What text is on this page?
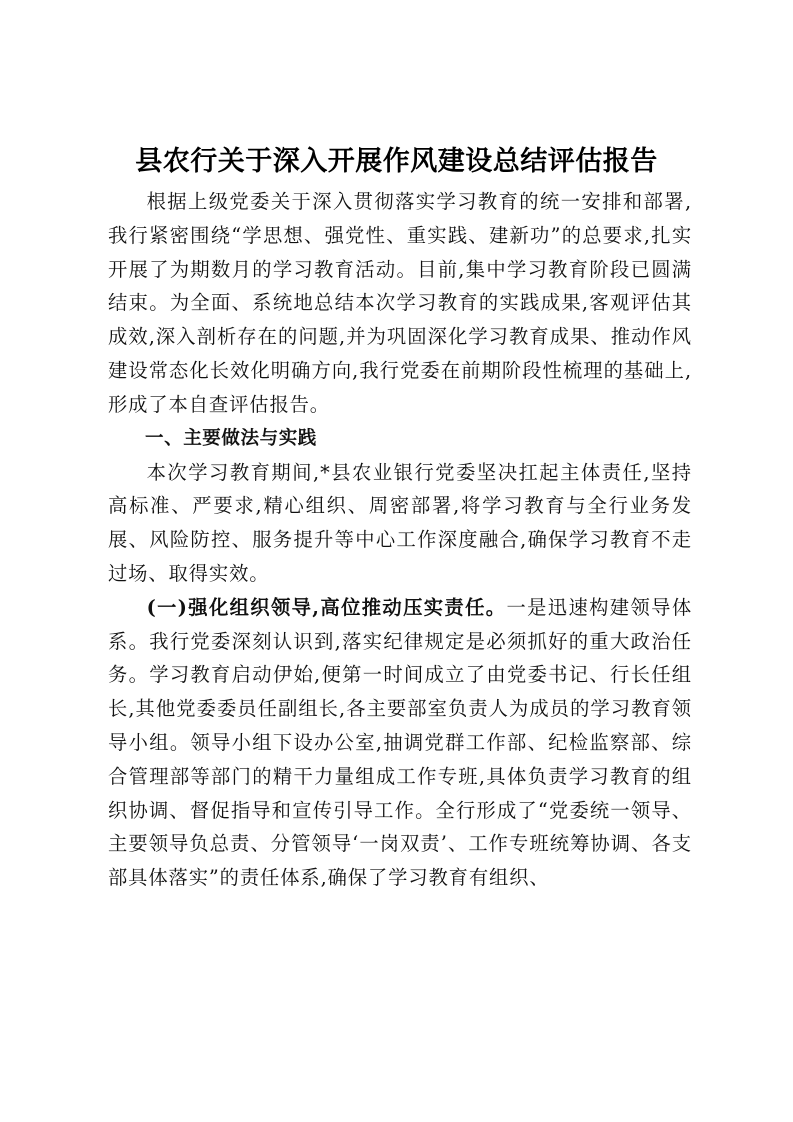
县农行关于深入开展作风建设总结评估报告

根据上级党委关于深入贯彻落实学习教育的统一安排和部署,我行紧密围绕“学思想、强党性、重实践、建新功”的总要求,扎实开展了为期数月的学习教育活动。目前,集中学习教育阶段已圆满结束。为全面、系统地总结本次学习教育的实践成果,客观评估其成效,深入剖析存在的问题,并为巩固深化学习教育成果、推动作风建设常态化长效化明确方向,我行党委在前期阶段性梳理的基础上,形成了本自查评估报告。

一、主要做法与实践

本次学习教育期间,*县农业银行党委坚决扛起主体责任,坚持高标准、严要求,精心组织、周密部署,将学习教育与全行业务发展、风险防控、服务提升等中心工作深度融合,确保学习教育不走过场、取得实效。

(一)强化组织领导,高位推动压实责任。一是迅速构建领导体系。我行党委深刻认识到,落实纪律规定是必须抓好的重大政治任务。学习教育启动伊始,便第一时间成立了由党委书记、行长任组长,其他党委委员任副组长,各主要部室负责人为成员的学习教育领导小组。领导小组下设办公室,抽调党群工作部、纪检监察部、综合管理部等部门的精干力量组成工作专班,具体负责学习教育的组织协调、督促指导和宣传引导工作。全行形成了“党委统一领导、主要领导负总责、分管领导‘一岗双责’、工作专班统筹协调、各支部具体落实”的责任体系,确保了学习教育有组织、
